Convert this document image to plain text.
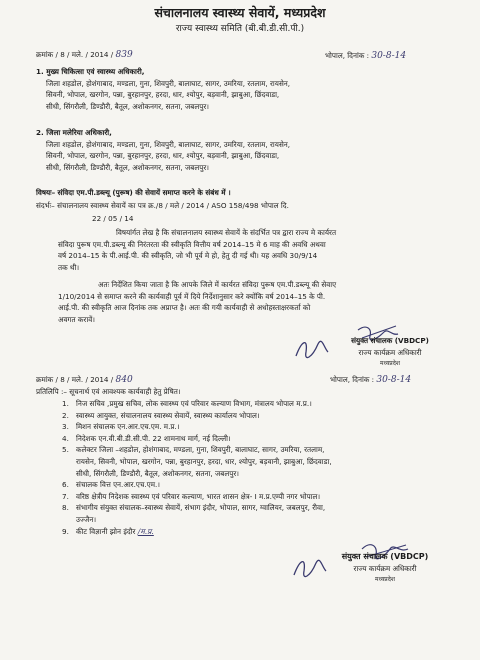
संचालनालय स्वास्थ्य सेवायें, मध्यप्रदेश
राज्य स्वास्थ्य समिति (बी.बी.डी.सी.पी.)
क्रमांक / 8 / मले. / 2014 / 839	भोपाल, दिनांक : 30-8-14
1. मुख्य चिकित्सा एवं स्वास्थ्य अधिकारी,
जिला शहडोल, होशंगाबाद, मण्डला, गुना, शिवपुरी, बालाघाट, सागर, उमरिया, रतलाम, रायसेन,
सिवनी, भोपाल, खरगोन, पन्ना, बुरहानपुर, हरदा, धार, श्योपुर, बड़वानी, झाबुआ, छिंदवाडा,
सीधी, सिंगरौली, डिण्डौरी, बैतूल, अशोकनगर, सतना, जबलपुर।
2. जिला मलेरिया अधिकारी,
जिला शहडोल, होशंगाबाद, मण्डला, गुना, शिवपुरी, बालाघाट, सागर, उमरिया, रतलाम, रायसेन,
सिवनी, भोपाल, खरगोन, पन्ना, बुरहानपुर, हरदा, धार, श्योपुर, बड़वानी, झाबुआ, छिंदवाडा,
सीधी, सिंगरौली, डिण्डौरी, बैतूल, अशोकनगर, सतना, जबलपुर।
विषयः– संविदा एम.पी.डब्ल्यू (पुरूष) की सेवायें समाप्त करने के संबंध में ।
संदर्भः– संचालनालय स्वास्थ्य सेवायें का पत्र क्र./8 / मले / 2014 / ASO 158/498 भोपाल दि.
22 / 05 / 14
विषयांर्गत लेख है कि संचालनालय स्वास्थ्य सेवायें के संदर्भित पत्र द्वारा राज्य मे कार्यरत
संविदा पुरूष एम.पी.डब्ल्यू की निरंतरता की स्वीकृति वित्तीय वर्ष 2014–15 मे 6 माह की अवधि अथवा
वर्ष 2014–15 के पी.आई.पी. की स्वीकृति, जो भी पूर्व मे हो, हेतु दी गई थी। यह अवधि 30/9/14
तक थी।
अतः निर्देशित किया जाता है कि आपके जिले में कार्यरत संविदा पुरूष एम.पी.डब्ल्यू की सेवाए
1/10/2014 से समाप्त करने की कार्यवाही पूर्व में दिये निर्देशानुसार करे क्योंकि वर्ष 2014–15 के पी.
आई.पी. की स्वीकृति आज दिनांक तक अप्राप्त है। अतः की गयी कार्यवाही से अधोहस्ताक्षरकर्ता को
अवगत करावें।
संयुक्त संचालक (VBDCP)
राज्य कार्यक्रम अधिकारी
मध्यप्रदेश
क्रमांक / 8 / मले. / 2014 / 840	भोपाल, दिनांक : 30-8-14
प्रतिलिपि :– सूचनार्थ एवं आवश्यक कार्यवाही हेतु प्रेषित।
1. निज सचिव ,प्रमुख सचिव, लोक स्वास्थ्य एवं परिवार कल्याण विभाग, मंत्रालय भोपाल म.प्र.।
2. स्वास्थ्य आयुक्त, संचालनालय स्वास्थ्य सेवायें, स्वास्थ्य कार्यालय भोपाल।
3. मिशन संचालक एन.आर.एच.एम. म.प्र.।
4. निदेशक एन.वी.बी.डी.सी.पी. 22 शामनाथ मार्ग, नई दिल्ली।
5. कलेक्टर जिला –शहडोल, होशंगाबाद, मण्डला, गुना, शिवपुरी, बालाघाट, सागर, उमरिया, रतलाम,
रायसेन, सिवनी, भोपाल, खरगोन, पन्ना, बुरहानपुर, हरदा, धार, श्योपुर, बड़वानी, झाबुआ, छिंदवाडा,
सीधी, सिंगरौली, डिण्डौरी, बैतूल, अशोकनगर, सतना, जबलपुर।
6. संचालक वित्त एन.आर.एच.एम.।
7. वरिष्ठ क्षेत्रीय निदेशक स्वास्थ्य एवं परिवार कल्याण, भारत शासन क्षेत्र- I म.प्र.एम्पी नगर भोपाल।
8. संभागीय संयुक्त संचालक–स्वास्थ्य सेवायें, संभाग इंदौर, भोपाल, सागर, ग्वालियर, जबलपुर, रीवा,
उज्जैन।
9. कीट विज्ञानी झोन इंदौर /म.प्र.
संयुक्त संचालक (VBDCP)
राज्य कार्यक्रम अधिकारी
मध्यप्रदेश
